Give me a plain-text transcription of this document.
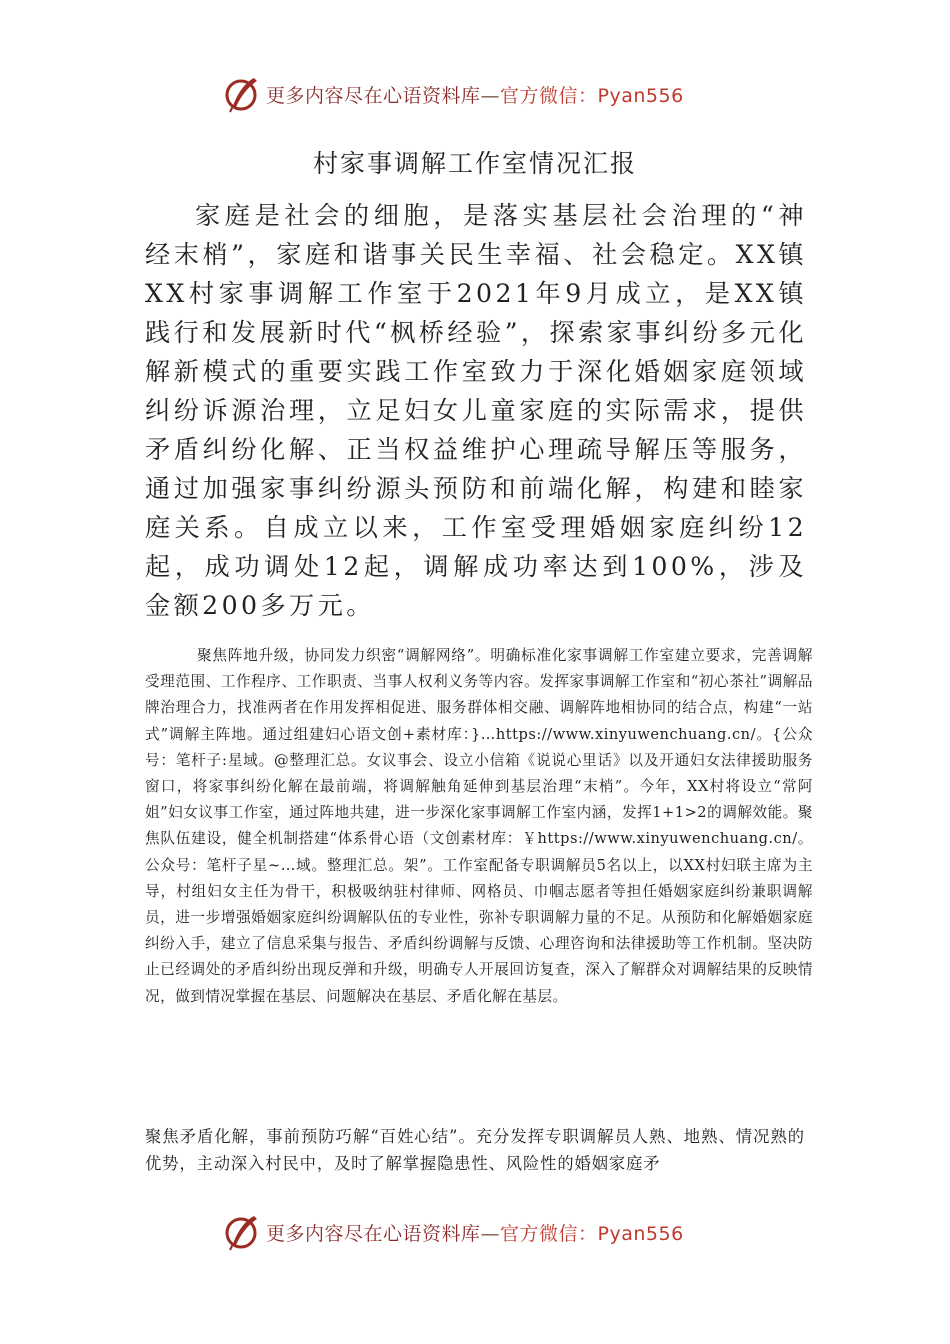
更多内容尽在心语资料库—官方微信：Pyan556
村家事调解工作室情况汇报

家庭是社会的细胞，是落实基层社会治理的“神经末梢”，家庭和谐事关民生幸福、社会稳定。XX镇XX村家事调解工作室于2021年9月成立，是XX镇践行和发展新时代“枫桥经验”，探索家事纠纷多元化解新模式的重要实践工作室致力于深化婚姻家庭领域纠纷诉源治理，立足妇女儿童家庭的实际需求，提供矛盾纠纷化解、正当权益维护心理疏导解压等服务，通过加强家事纠纷源头预防和前端化解，构建和睦家庭关系。自成立以来，工作室受理婚姻家庭纠纷12起，成功调处12起，调解成功率达到100%，涉及金额200多万元。

聚焦阵地升级，协同发力织密“调解网络”。明确标准化家事调解工作室建立要求，完善调解受理范围、工作程序、工作职责、当事人权利义务等内容。发挥家事调解工作室和“初心茶社”调解品牌治理合力，找准两者在作用发挥相促进、服务群体相交融、调解阵地相协同的结合点，构建“一站式”调解主阵地。通过组建妇心语文创+素材库：}…https://www.xinyuwenchuang.cn/。{公众号：笔杆子:星域。@整理汇总。女议事会、设立小信箱《说说心里话》以及开通妇女法律援助服务窗口，将家事纠纷化解在最前端，将调解触角延伸到基层治理“末梢”。今年，XX村将设立“常阿姐”妇女议事工作室，通过阵地共建，进一步深化家事调解工作室内涵，发挥1+1>2的调解效能。聚焦队伍建设，健全机制搭建“体系骨心语（文创素材库：￥https://www.xinyuwenchuang.cn/。公众号：笔杆子星~…域。整理汇总。架”。工作室配备专职调解员5名以上，以XX村妇联主席为主导，村组妇女主任为骨干，积极吸纳驻村律师、网格员、巾帼志愿者等担任婚姻家庭纠纷兼职调解员，进一步增强婚姻家庭纠纷调解队伍的专业性，弥补专职调解力量的不足。从预防和化解婚姻家庭纠纷入手，建立了信息采集与报告、矛盾纠纷调解与反馈、心理咨询和法律援助等工作机制。坚决防止已经调处的矛盾纠纷出现反弹和升级，明确专人开展回访复查，深入了解群众对调解结果的反映情况，做到情况掌握在基层、问题解决在基层、矛盾化解在基层。

聚焦矛盾化解，事前预防巧解“百姓心结”。充分发挥专职调解员人熟、地熟、情况熟的优势，主动深入村民中，及时了解掌握隐患性、风险性的婚姻家庭矛

更多内容尽在心语资料库—官方微信：Pyan556
